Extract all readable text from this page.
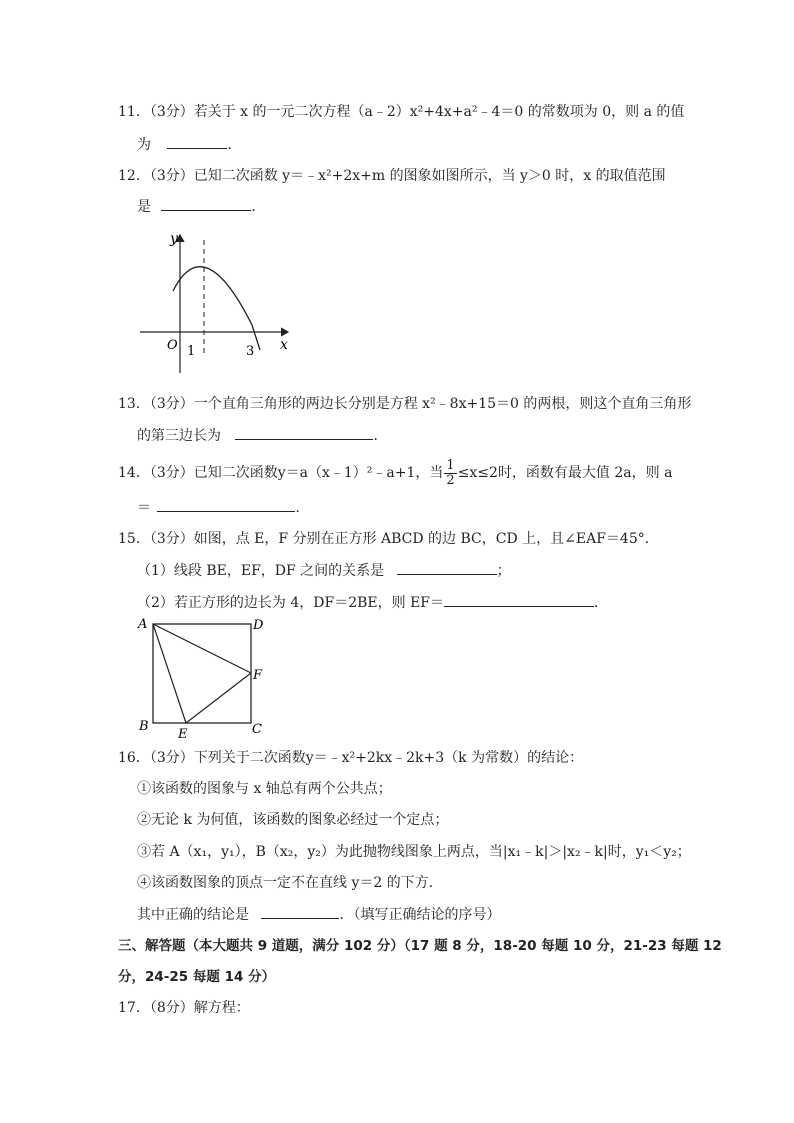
11．（3分）若关于 x 的一元二次方程（a﹣2）x²+4x+a²﹣4＝0 的常数项为 0，则 a 的值
为	．
12．（3分）已知二次函数 y＝﹣x²+2x+m 的图象如图所示，当 y＞0 时，x 的取值范围
是	．
y
x
O 1	3
13．（3分）一个直角三角形的两边长分别是方程 x²﹣8x+15＝0 的两根，则这个直角三角形
的第三边长为	．
14．（3分）已知二次函数y＝a（x﹣1）²﹣a+1，当 $\frac{1}{2} \le x\le 2$时，函数有最大值 2a，则 a
＝	．
15．（3分）如图，点 E，F 分别在正方形 ABCD 的边 BC，CD 上，且∠EAF＝45°．
（1）线段 BE，EF，DF 之间的关系是	；
（2）若正方形的边长为 4，DF＝2BE，则 EF＝	．
A	D
F
B
E	C
16．（3分）下列关于二次函数y＝﹣x²+2kx﹣2k+3（k 为常数）的结论：
①该函数的图象与 x 轴总有两个公共点；
②无论 k 为何值，该函数的图象必经过一个定点；
③若 A（x₁，y₁），B（x₂，y₂）为此抛物线图象上两点，当|x₁﹣k|＞|x₂﹣k|时，y₁＜y₂；
④该函数图象的顶点一定不在直线 y＝2 的下方．
其中正确的结论是	．（填写正确结论的序号）
三、解答题（本大题共 9 道题，满分 102 分）（17 题 8 分，18-20 每题 10 分，21-23 每题 12
分，24-25 每题 14 分）
17．（8分）解方程：
